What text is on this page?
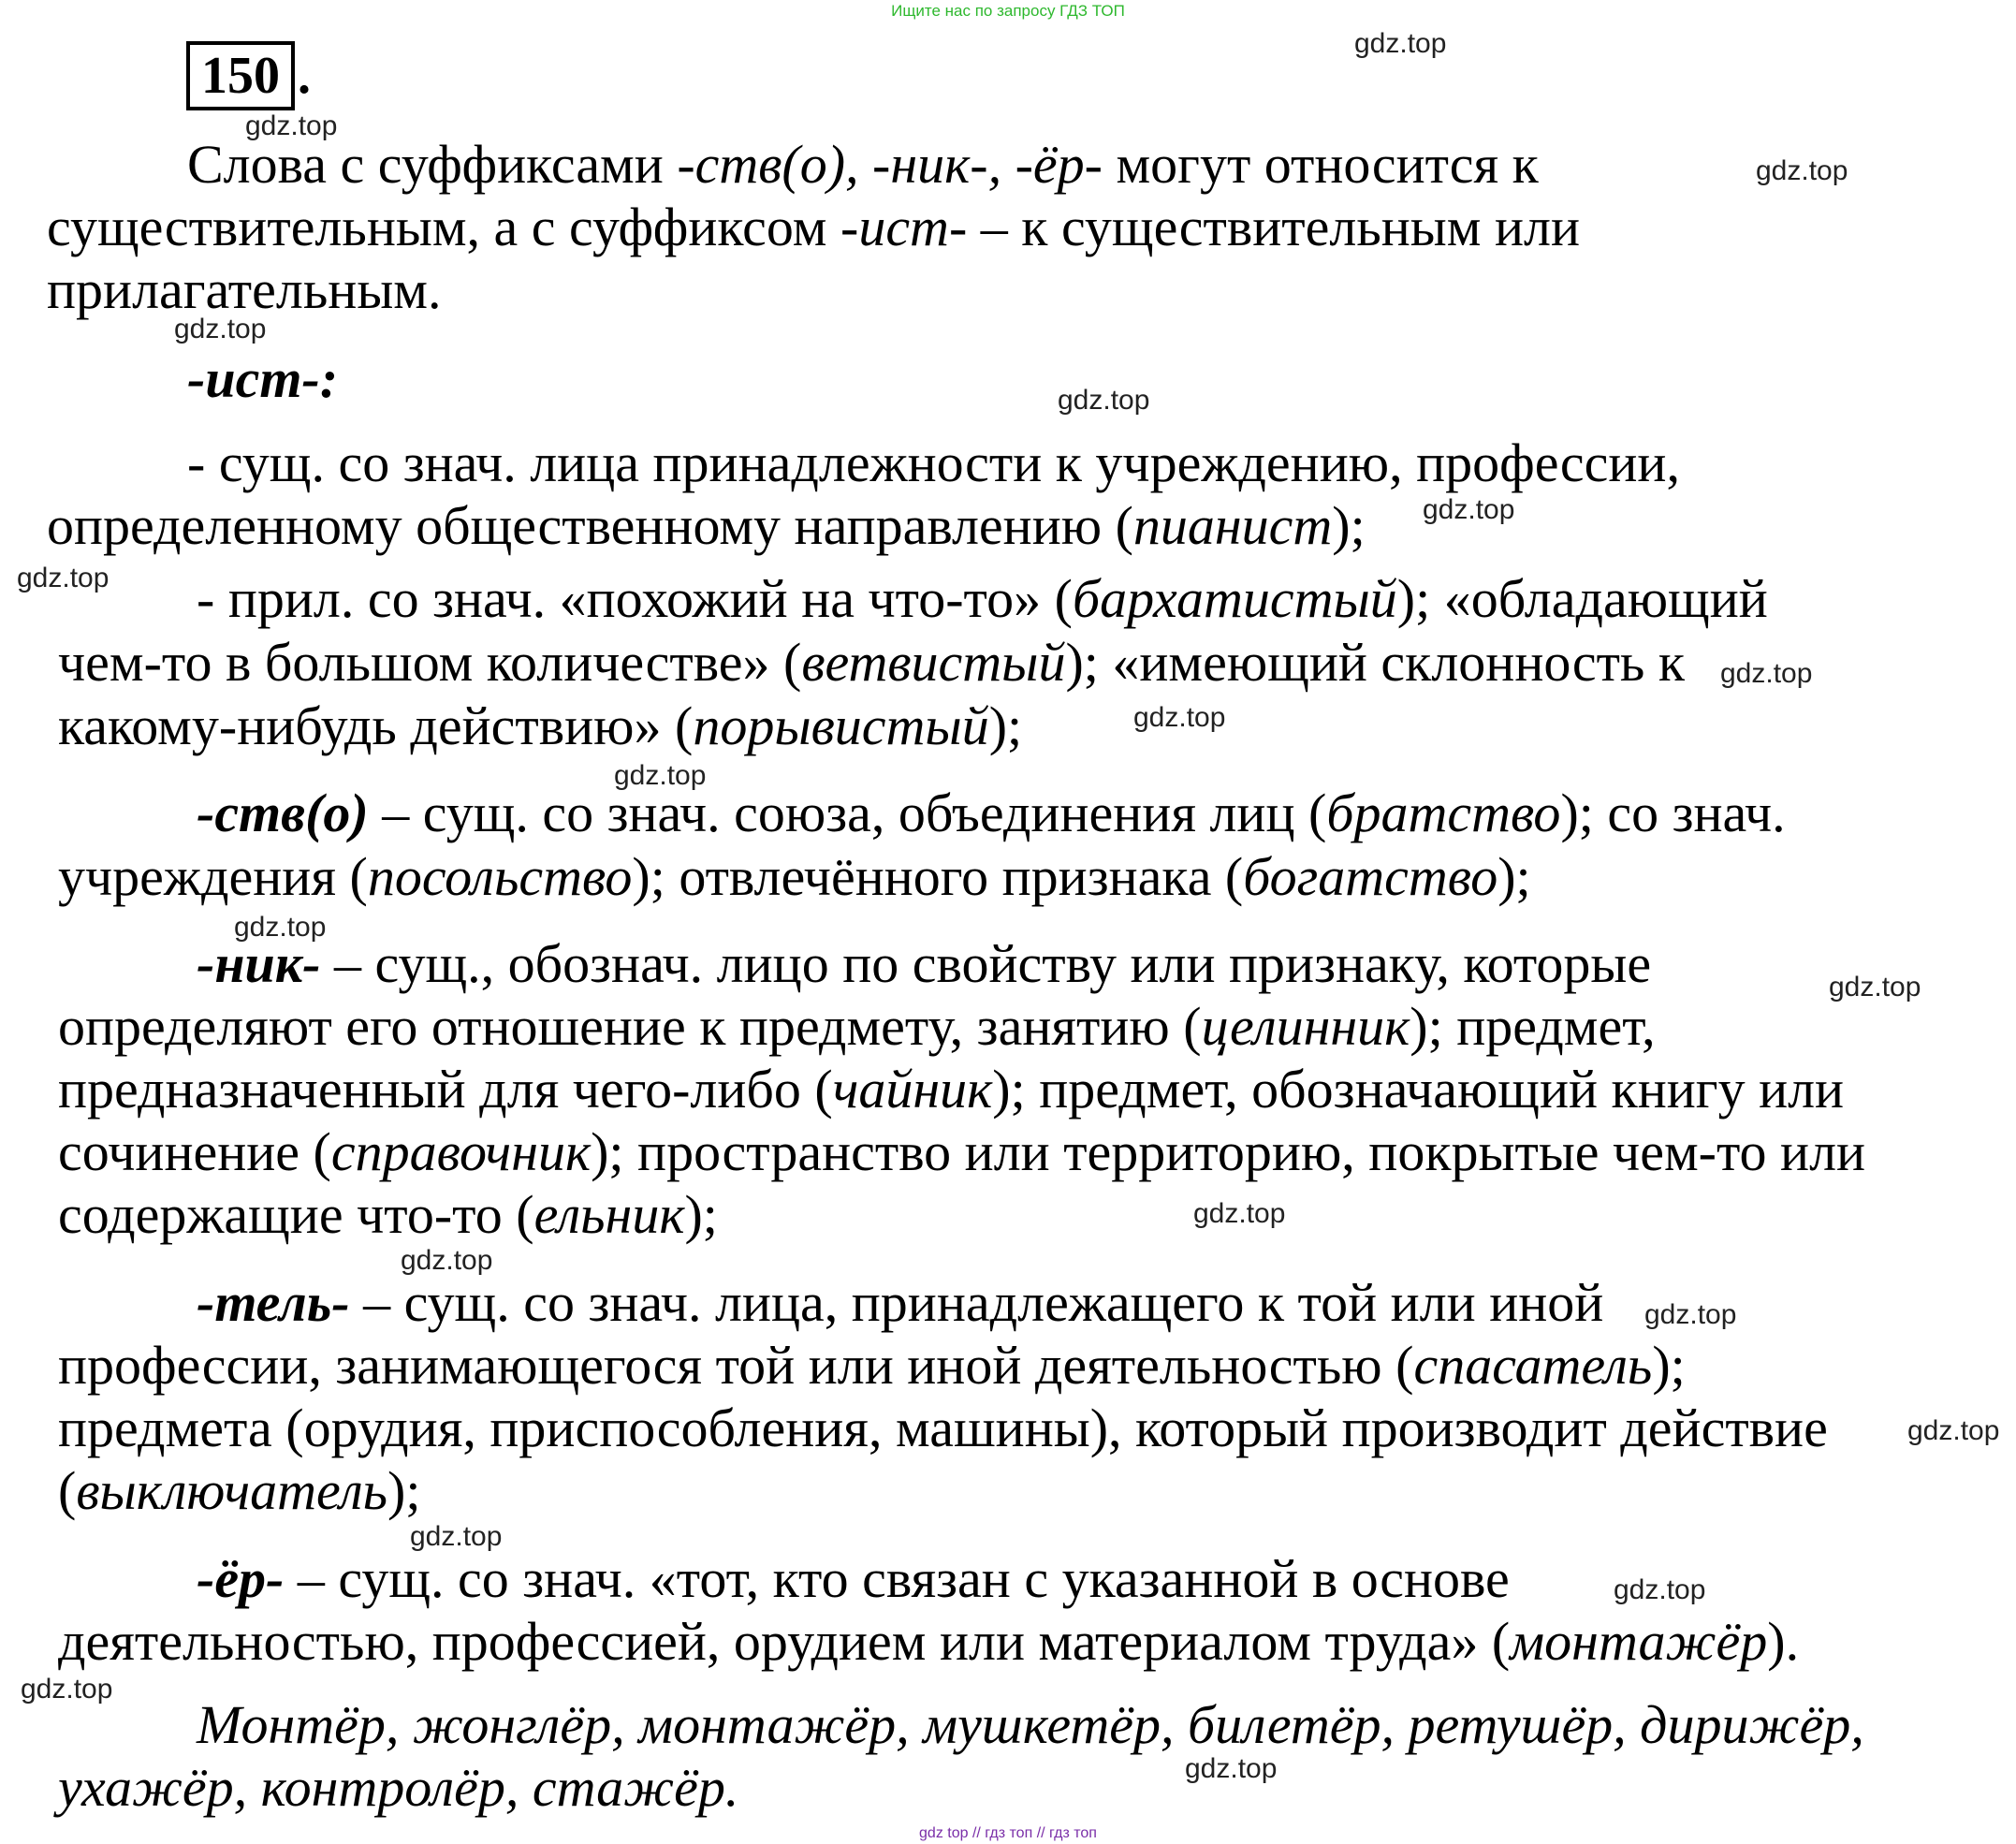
Ищите нас по запросу ГДЗ ТОП
150 .
Слова с суффиксами -ств(о), -ник-, -ёр- могут относится к
существительным, а с суффиксом -ист- – к существительным или
прилагательным.
-ист-:
- сущ. со знач. лица принадлежности к учреждению, профессии,
определенному общественному направлению (пианист);
- прил. со знач. «похожий на что-то» (бархатистый); «обладающий
чем-то в большом количестве» (ветвистый); «имеющий склонность к
какому-нибудь действию» (порывистый);
-ств(о) – сущ. со знач. союза, объединения лиц (братство); со знач.
учреждения (посольство); отвлечённого признака (богатство);
-ник- – сущ., обознач. лицо по свойству или признаку, которые
определяют его отношение к предмету, занятию (целинник); предмет,
предназначенный для чего-либо (чайник); предмет, обозначающий книгу или
сочинение (справочник); пространство или территорию, покрытые чем-то или
содержащие что-то (ельник);
-тель- – сущ. со знач. лица, принадлежащего к той или иной
профессии, занимающегося той или иной деятельностью (спасатель);
предмета (орудия, приспособления, машины), который производит действие
(выключатель);
-ёр- – сущ. со знач. «тот, кто связан с указанной в основе
деятельностью, профессией, орудием или материалом труда» (монтажёр).
Монтёр, жонглёр, монтажёр, мушкетёр, билетёр, ретушёр, дирижёр,
ухажёр, контролёр, стажёр.
gdz.top
gdz.top
gdz.top
gdz.top
gdz.top
gdz.top
gdz.top
gdz.top
gdz.top
gdz.top
gdz.top
gdz.top
gdz.top
gdz.top
gdz.top
gdz.top
gdz.top
gdz.top
gdz.top
gdz.top
gdz top // гдз топ // гдз топ
